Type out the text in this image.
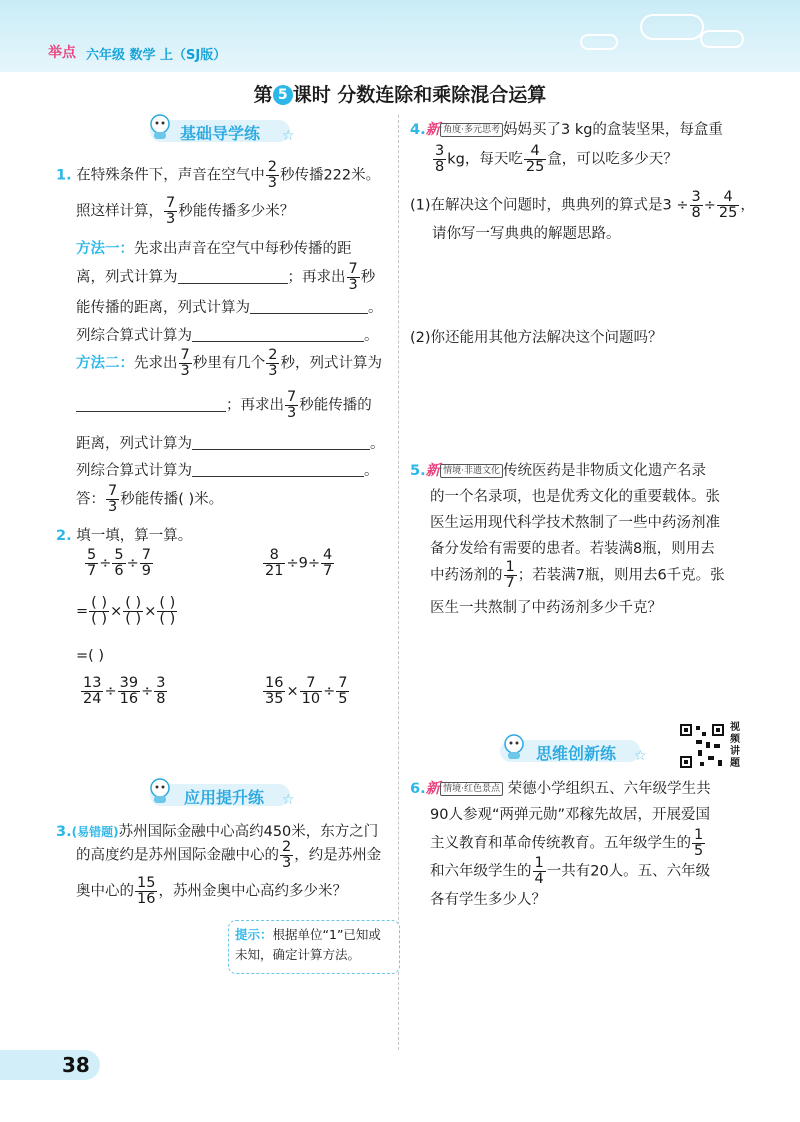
举点 六年级 数学 上（SJ版）
第 5 课时 分数连除和乘除混合运算
基础导学练 ☆
1. 在特殊条件下，声音在空气中 $\frac{2}{3}$ 秒传播222米。
照这样计算， $\frac{7}{3}$ 秒能传播多少米？
方法一：先求出声音在空气中每秒传播的距
离，列式计算为	；再求出 $\frac{7}{3}$ 秒
能传播的距离，列式计算为	。
列综合算式计算为	。
方法二：先求出 $\frac{7}{3}$ 秒里有几个 $\frac{2}{3}$ 秒，列式计算为
；再求出 $\frac{7}{3}$ 秒能传播的
距离，列式计算为	。
列综合算式计算为	。
答： $\frac{7}{3}$ 秒能传播( )米。
2. 填一填，算一算。
$\frac{5}{7} \div \frac{5}{6} \div \frac{7}{9}$	$\frac{8}{21} \div 9\div \frac{4}{7}$
= $\frac{( )}{( )} \times \frac{( )}{( )} \times \frac{( )}{( )}$
=( )
$\frac{13}{24} \div \frac{39}{16} \div \frac{3}{8}$	$\frac{16}{35} \times \frac{7}{10} \div \frac{7}{5}$
应用提升练 ☆
3.(易错题)苏州国际金融中心高约450米，东方之门
的高度约是苏州国际金融中心的 $\frac{2}{3}$ ，约是苏州金
奥中心的 $\frac{15}{16}$ ，苏州金奥中心高约多少米？
提示：根据单位“1”已知或未知，确定计算方法。
4.新 角度·多元思考 妈妈买了3 kg的盒装坚果，每盒重
$\frac{3}{8}$ kg，每天吃 $\frac{4}{25}$ 盒，可以吃多少天？
(1)在解决这个问题时，典典列的算式是$3 \div \frac{3}{8} \div \frac{4}{25}$ ，
请你写一写典典的解题思路。
(2)你还能用其他方法解决这个问题吗？
5.新 情境·非遗文化 传统医药是非物质文化遗产名录
的一个名录项，也是优秀文化的重要载体。张
医生运用现代科学技术熬制了一些中药汤剂准
备分发给有需要的患者。若装满8瓶，则用去
中药汤剂的 $\frac{1}{7}$ ；若装满7瓶，则用去6千克。张
医生一共熬制了中药汤剂多少千克？
思维创新练 ☆
视频讲题
6.新 情境·红色景点 荣德小学组织五、六年级学生共
90人参观“两弹元勋”邓稼先故居，开展爱国
主义教育和革命传统教育。五年级学生的 $\frac{1}{5}$
和六年级学生的 $\frac{1}{4}$ 一共有20人。五、六年级
各有学生多少人？
38
